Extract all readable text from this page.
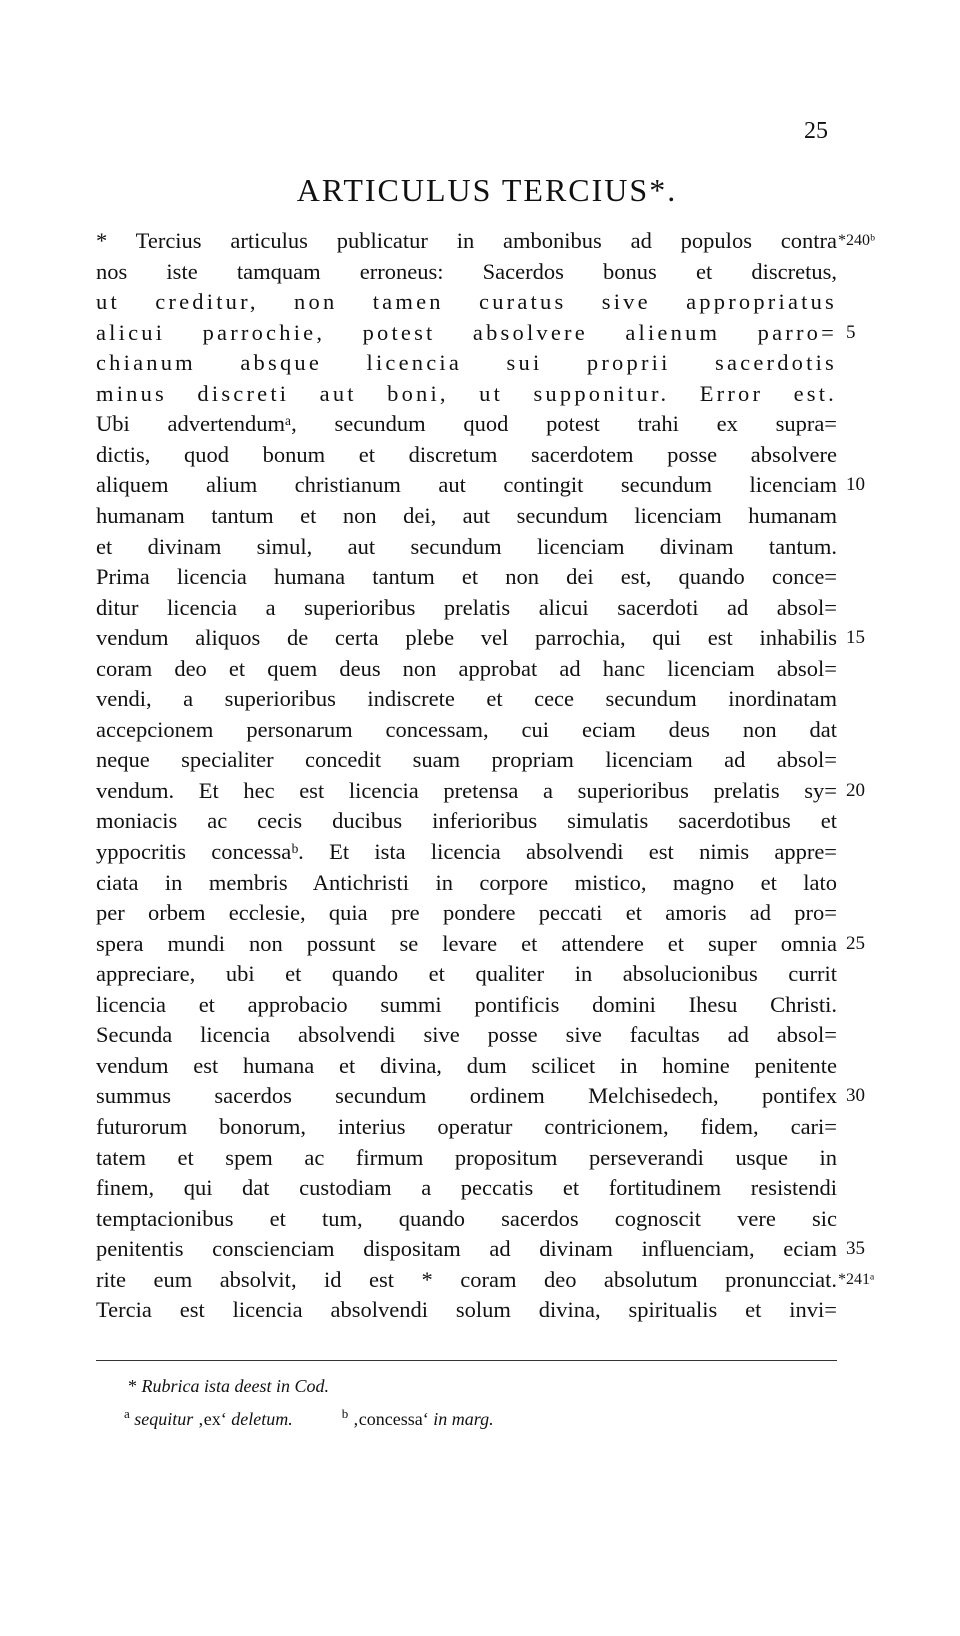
25
ARTICULUS TERCIUS*.
* Tercius articulus publicatur in ambonibus ad populos contra *240ᵇ
nos iste tamquam erroneus: Sacerdos bonus et discretus,
ut creditur, non tamen curatus sive appropriatus
alicui parrochie, potest absolvere alienum parro= 5
chianum absque licencia sui proprii sacerdotis
minus discreti aut boni, ut supponitur. Error est.
Ubi advertendumᵃ, secundum quod potest trahi ex supra=
dictis, quod bonum et discretum sacerdotem posse absolvere
aliquem alium christianum aut contingit secundum licenciam 10
humanam tantum et non dei, aut secundum licenciam humanam
et divinam simul, aut secundum licenciam divinam tantum.
Prima licencia humana tantum et non dei est, quando conce=
ditur licencia a superioribus prelatis alicui sacerdoti ad absol=
vendum aliquos de certa plebe vel parrochia, qui est inhabilis 15
coram deo et quem deus non approbat ad hanc licenciam absol=
vendi, a superioribus indiscrete et cece secundum inordinatam
accepcionem personarum concessam, cui eciam deus non dat
neque specialiter concedit suam propriam licenciam ad absol=
vendum. Et hec est licencia pretensa a superioribus prelatis sy= 20
moniacis ac cecis ducibus inferioribus simulatis sacerdotibus et
yppocritis concessaᵇ. Et ista licencia absolvendi est nimis appre=
ciata in membris Antichristi in corpore mistico, magno et lato
per orbem ecclesie, quia pre pondere peccati et amoris ad pro=
spera mundi non possunt se levare et attendere et super omnia 25
appreciare, ubi et quando et qualiter in absolucionibus currit
licencia et approbacio summi pontificis domini Ihesu Christi.
Secunda licencia absolvendi sive posse sive facultas ad absol=
vendum est humana et divina, dum scilicet in homine penitente
summus sacerdos secundum ordinem Melchisedech, pontifex 30
futurorum bonorum, interius operatur contricionem, fidem, cari=
tatem et spem ac firmum propositum perseverandi usque in
finem, qui dat custodiam a peccatis et fortitudinem resistendi
temptacionibus et tum, quando sacerdos cognoscit vere sic
penitentis conscienciam dispositam ad divinam influenciam, eciam 35
rite eum absolvit, id est * coram deo absolutum pronuncciat. *241ᵃ
Tercia est licencia absolvendi solum divina, spiritualis et invi=
* Rubrica ista deest in Cod.
$^a$ sequitur ‚ex‘ deletum.	$^b$ ‚concessa‘ in marg.
